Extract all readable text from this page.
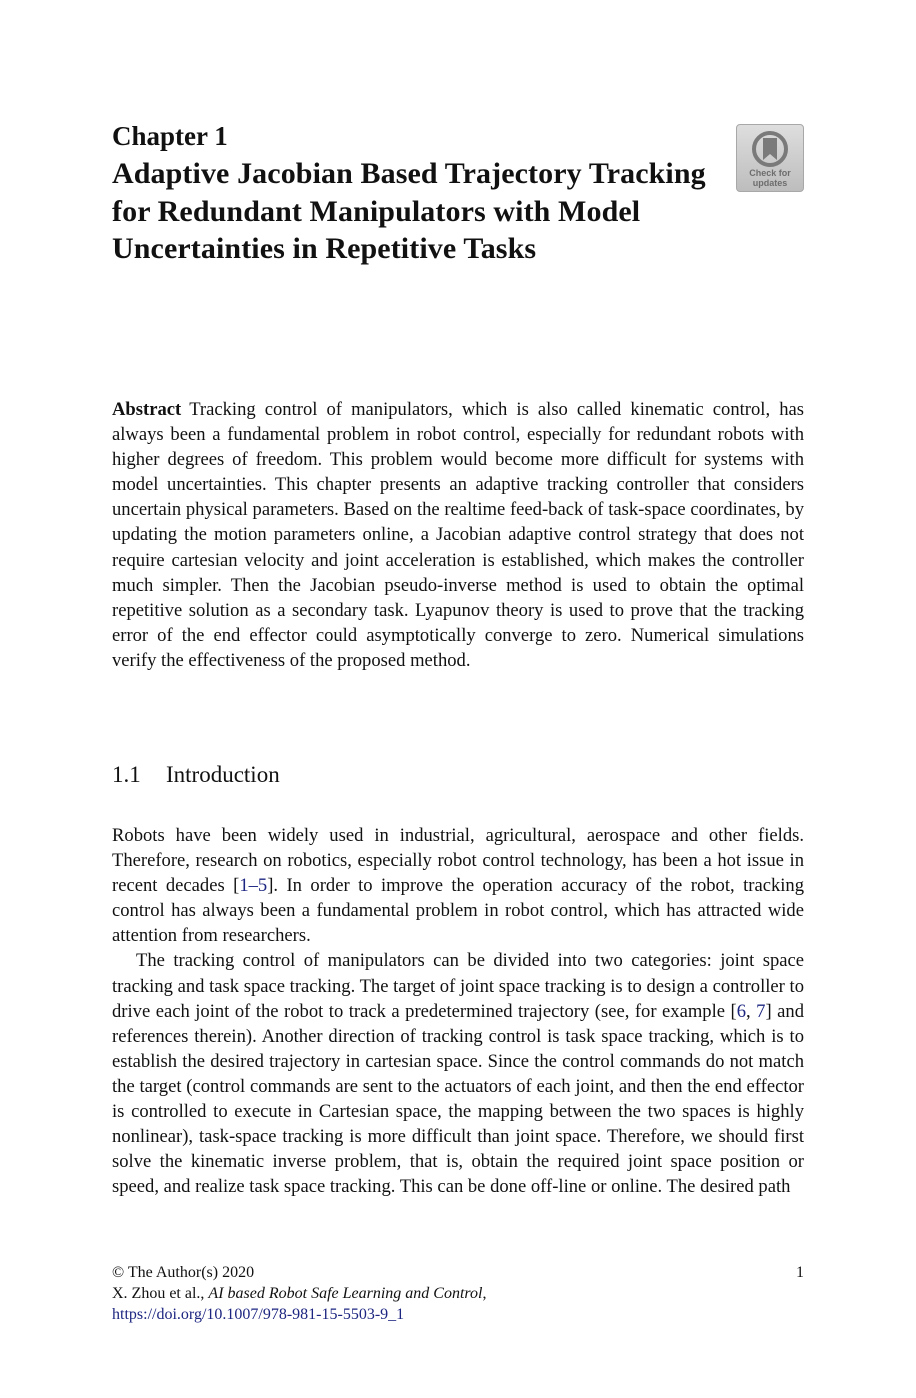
Chapter 1
Adaptive Jacobian Based Trajectory Tracking for Redundant Manipulators with Model Uncertainties in Repetitive Tasks
Check for
updates
Abstract Tracking control of manipulators, which is also called kinematic control, has always been a fundamental problem in robot control, especially for redundant robots with higher degrees of freedom. This problem would become more difficult for systems with model uncertainties. This chapter presents an adaptive tracking controller that considers uncertain physical parameters. Based on the realtime feed-back of task-space coordinates, by updating the motion parameters online, a Jacobian adaptive control strategy that does not require cartesian velocity and joint acceleration is established, which makes the controller much simpler. Then the Jacobian pseudo-inverse method is used to obtain the optimal repetitive solution as a secondary task. Lyapunov theory is used to prove that the tracking error of the end effector could asymptotically converge to zero. Numerical simulations verify the effectiveness of the proposed method.
1.1 Introduction

Robots have been widely used in industrial, agricultural, aerospace and other fields. Therefore, research on robotics, especially robot control technology, has been a hot issue in recent decades [1–5]. In order to improve the operation accuracy of the robot, tracking control has always been a fundamental problem in robot control, which has attracted wide attention from researchers.

The tracking control of manipulators can be divided into two categories: joint space tracking and task space tracking. The target of joint space tracking is to design a controller to drive each joint of the robot to track a predetermined trajectory (see, for example [6, 7] and references therein). Another direction of tracking control is task space tracking, which is to establish the desired trajectory in cartesian space. Since the control commands do not match the target (control commands are sent to the actuators of each joint, and then the end effector is controlled to execute in Cartesian space, the mapping between the two spaces is highly nonlinear), task-space tracking is more difficult than joint space. Therefore, we should first solve the kinematic inverse problem, that is, obtain the required joint space position or speed, and realize task space tracking. This can be done off-line or online. The desired path

© The Author(s) 2020
X. Zhou et al., AI based Robot Safe Learning and Control,
https://doi.org/10.1007/978-981-15-5503-9_1
1
